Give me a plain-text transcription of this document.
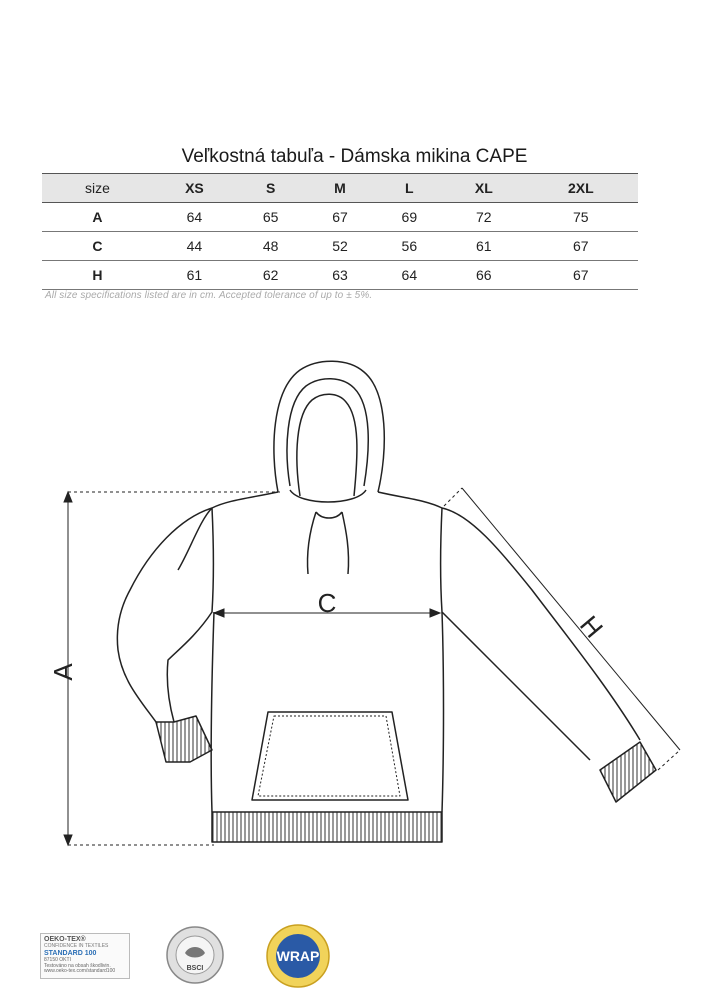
Veľkostná tabuľa - Dámska mikina CAPE
size	XS	S	M	L	XL	2XL
A	64	65	67	69	72	75
C	44	48	52	56	61	67
H	61	62	63	64	66	67
All size specifications listed are in cm. Accepted tolerance of up to ± 5%.
A
C
H
OEKO-TEX®
CONFIDENCE IN TEXTILES
STANDARD 100
87150 OKTI
Testováno na obsah škodlivin.
www.oeko-tex.com/standard100	BSCI
WRAP
